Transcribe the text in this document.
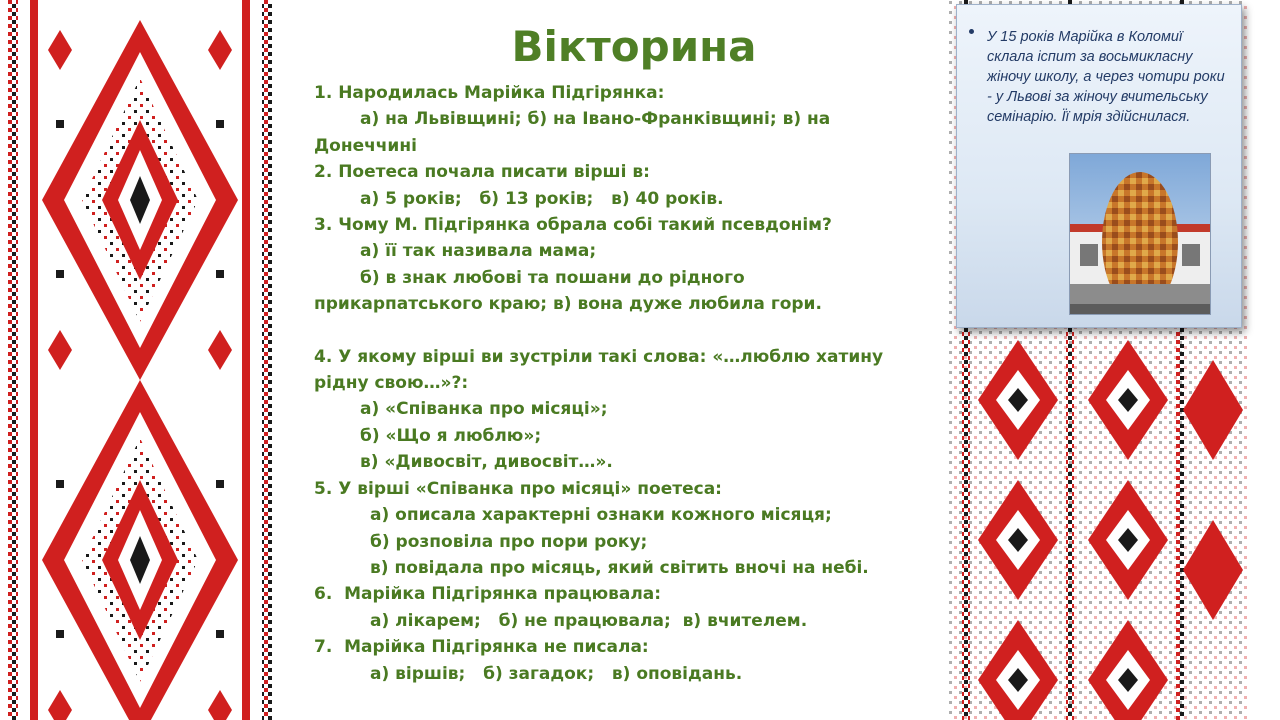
Вікторина
1. Народилась Марійка Підгірянка:
а) на Львівщині; б) на Івано-Франківщині; в) на
Донеччині
2. Поетеса почала писати вірші в:
а) 5 років;   б) 13 років;   в) 40 років.
3. Чому М. Підгірянка обрала собі такий псевдонім?
а) її так називала мама;
б) в знак любові та пошани до рідного
прикарпатського краю; в) вона дуже любила гори.
4. У якому вірші ви зустріли такі слова: «…люблю хатину
рідну свою…»?:
а) «Співанка про місяці»;
б) «Що я люблю»;
в) «Дивосвіт, дивосвіт…».
5. У вірші «Співанка про місяці» поетеса:
а) описала характерні ознаки кожного місяця;
б) розповіла про пори року;
в) повідала про місяць, який світить вночі на небі.
6.  Марійка Підгірянка працювала:
а) лікарем;   б) не працювала;  в) вчителем.
7.  Марійка Підгірянка не писала:
а) віршів;   б) загадок;   в) оповідань.
У 15 років Марійка в Коломиї склала іспит за восьмикласну жіночу школу, а через чотири роки - у Львові за жіночу вчительську семінарію. Її мрія здійснилася.
